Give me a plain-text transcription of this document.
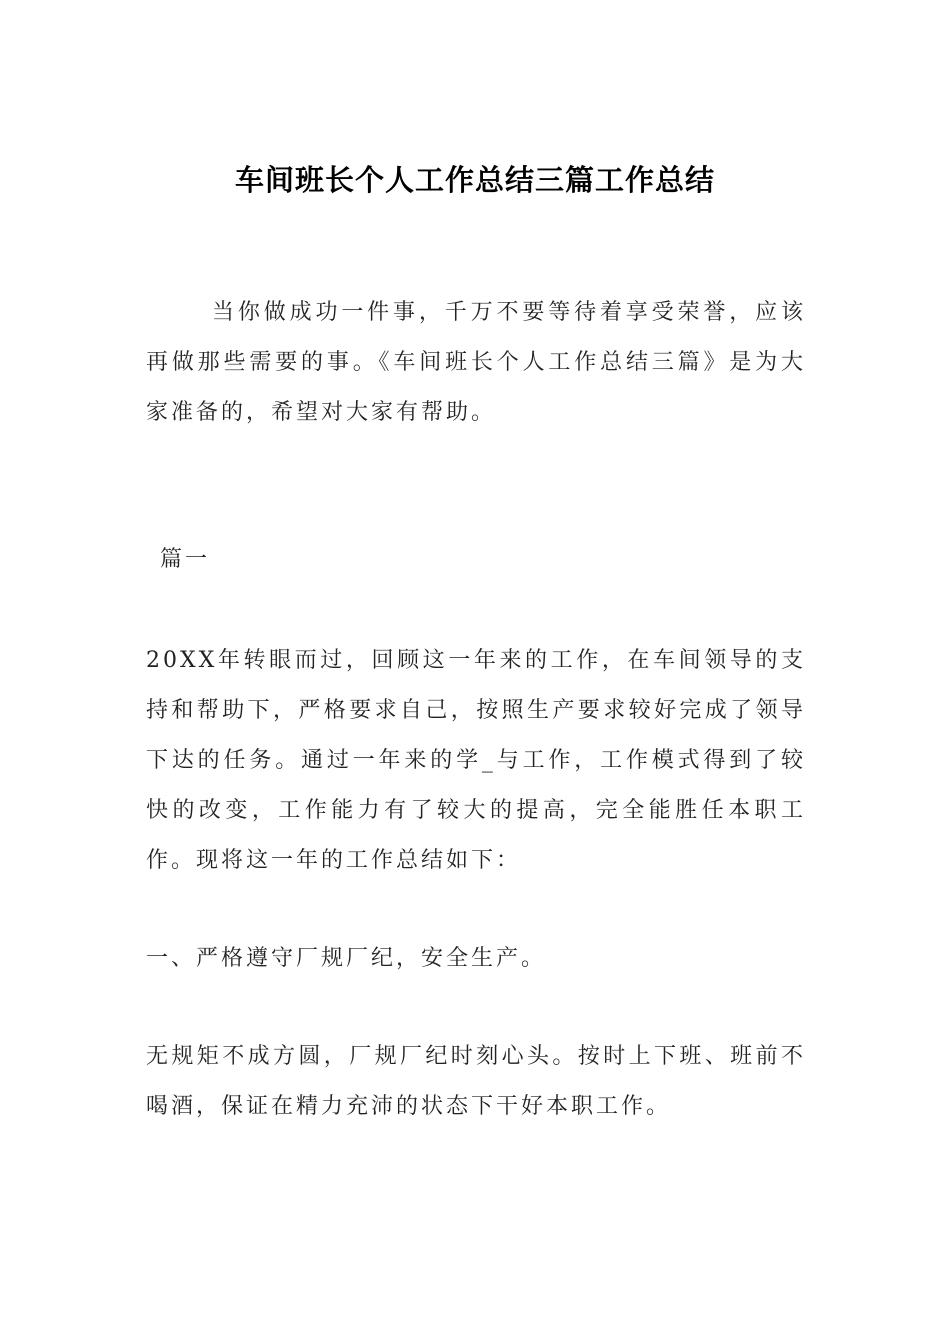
车间班长个人工作总结三篇工作总结
当你做成功一件事，千万不要等待着享受荣誉，应该再做那些需要的事。《车间班长个人工作总结三篇》是为大家准备的，希望对大家有帮助。
篇一
20XX年转眼而过，回顾这一年来的工作，在车间领导的支持和帮助下，严格要求自己，按照生产要求较好完成了领导下达的任务。通过一年来的学_与工作，工作模式得到了较快的改变，工作能力有了较大的提高，完全能胜任本职工作。现将这一年的工作总结如下：
一、严格遵守厂规厂纪，安全生产。
无规矩不成方圆，厂规厂纪时刻心头。按时上下班、班前不喝酒，保证在精力充沛的状态下干好本职工作。
